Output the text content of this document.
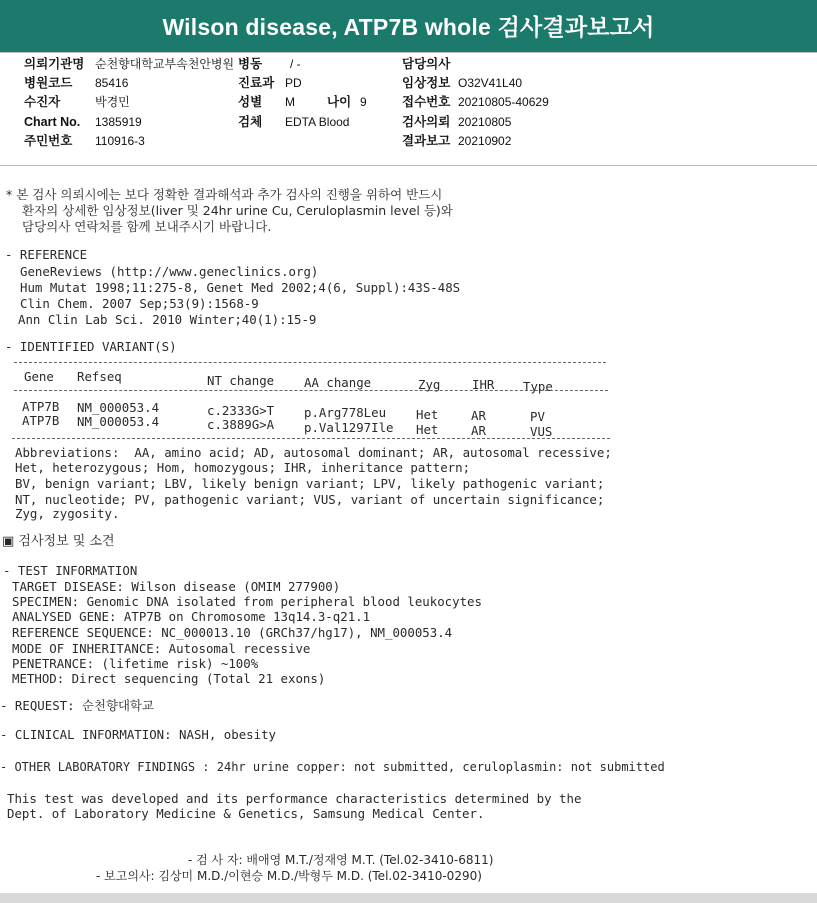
Wilson disease, ATP7B whole 검사결과보고서
의뢰기관명 순천향대학교부속천안병원 병동 / -	담당의사
병원코드 85416	진료과 PD	임상정보 O32V41L40
수진자	박경민	성별 M	나이 9	접수번호 20210805-40629
Chart No. 1385919	검체 EDTA Blood	검사의뢰 20210805
주민번호 110916-3	결과보고 20210902
* 본 검사 의뢰시에는 보다 정확한 결과해석과 추가 검사의 진행을 위하여 반드시
환자의 상세한 임상정보(liver 및 24hr urine Cu, Ceruloplasmin level 등)와
담당의사 연락처를 함께 보내주시기 바랍니다.
- REFERENCE
GeneReviews (http://www.geneclinics.org)
Hum Mutat 1998;11:275-8, Genet Med 2002;4(6, Suppl):43S-48S
Clin Chem. 2007 Sep;53(9):1568-9
Ann Clin Lab Sci. 2010 Winter;40(1):15-9
- IDENTIFIED VARIANT(S)
Gene Refseq	NT change AA change	Zyg	IHR Type
ATP7B NM_000053.4	c.2333G>T p.Arg778Leu Het	AR	PV
ATP7B NM_000053.4	c.3889G>A p.Val1297Ile Het	AR	VUS
Abbreviations:  AA, amino acid; AD, autosomal dominant; AR, autosomal recessive;
Het, heterozygous; Hom, homozygous; IHR, inheritance pattern;
BV, benign variant; LBV, likely benign variant; LPV, likely pathogenic variant;
NT, nucleotide; PV, pathogenic variant; VUS, variant of uncertain significance;
Zyg, zygosity.
▣ 검사정보 및 소견
- TEST INFORMATION
TARGET DISEASE: Wilson disease (OMIM 277900)
SPECIMEN: Genomic DNA isolated from peripheral blood leukocytes
ANALYSED GENE: ATP7B on Chromosome 13q14.3-q21.1
REFERENCE SEQUENCE: NC_000013.10 (GRCh37/hg17), NM_000053.4
MODE OF INHERITANCE: Autosomal recessive
PENETRANCE: (lifetime risk) ~100%
METHOD: Direct sequencing (Total 21 exons)
- REQUEST: 순천향대학교
- CLINICAL INFORMATION: NASH, obesity
- OTHER LABORATORY FINDINGS : 24hr urine copper: not submitted, ceruloplasmin: not submitted
This test was developed and its performance characteristics determined by the
Dept. of Laboratory Medicine & Genetics, Samsung Medical Center.
- 검 사 자: 배애영 M.T./정재영 M.T. (Tel.02-3410-6811)
- 보고의사: 김상미 M.D./이현승 M.D./박형두 M.D. (Tel.02-3410-0290)
